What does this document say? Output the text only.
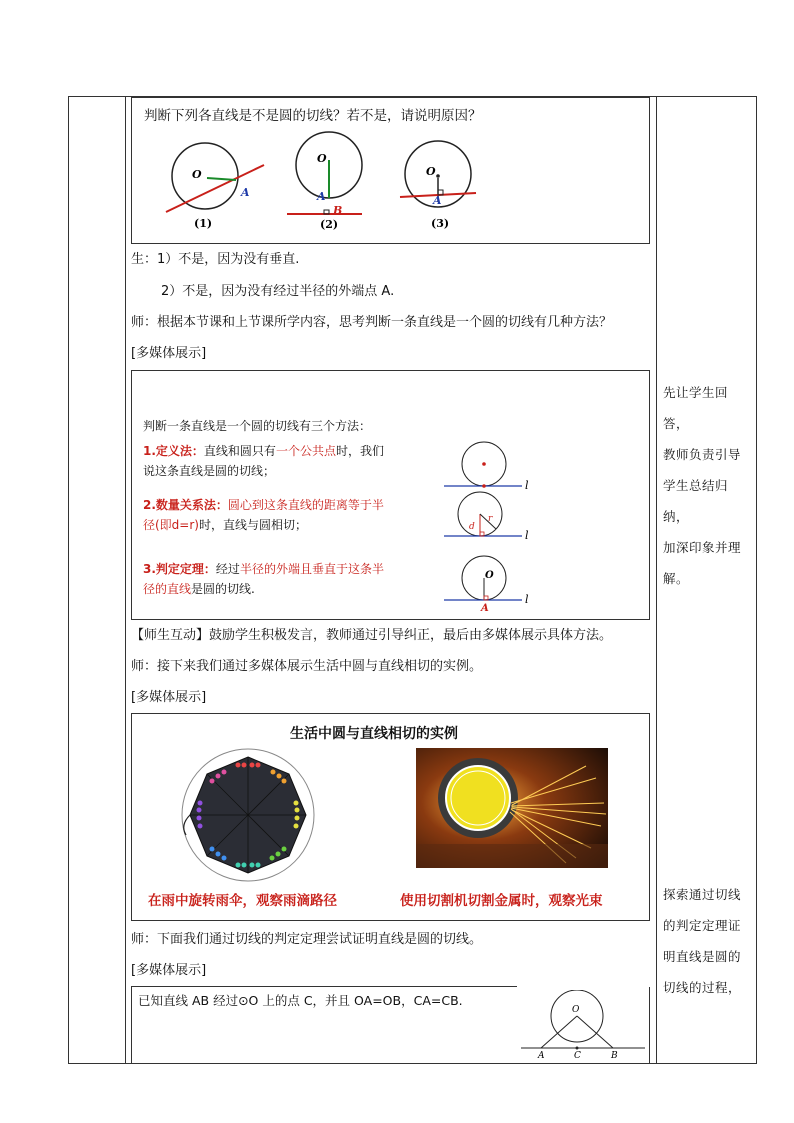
判断下列各直线是不是圆的切线？若不是，请说明原因？
O
A
(1)
O
A
B
(2)
O
A
(3)
生：1）不是，因为没有垂直.
2）不是，因为没有经过半径的外端点 A.
师：根据本节课和上节课所学内容，思考判断一条直线是一个圆的切线有几种方法？
[多媒体展示]
判断一条直线是一个圆的切线有三个方法：
1.定义法：直线和圆只有一个公共点时，我们
说这条直线是圆的切线；
2.数量关系法：圆心到这条直线的距离等于半
径(即d=r)时，直线与圆相切；
3.判定定理：经过半径的外端且垂直于这条半
径的直线是圆的切线.
l
d
r
l
O
A
l
【师生互动】鼓励学生积极发言，教师通过引导纠正，最后由多媒体展示具体方法。
师：接下来我们通过多媒体展示生活中圆与直线相切的实例。
[多媒体展示]
生活中圆与直线相切的实例
在雨中旋转雨伞，观察雨滴路径	使用切割机切割金属时，观察光束
师：下面我们通过切线的判定定理尝试证明直线是圆的切线。
[多媒体展示]
已知直线 AB 经过⊙O 上的点 C，并且 OA=OB，CA=CB.
O
A	C	B
先让学生回答，
教师负责引导
学生总结归纳，
加深印象并理
解。
探索通过切线
的判定定理证
明直线是圆的
切线的过程，
